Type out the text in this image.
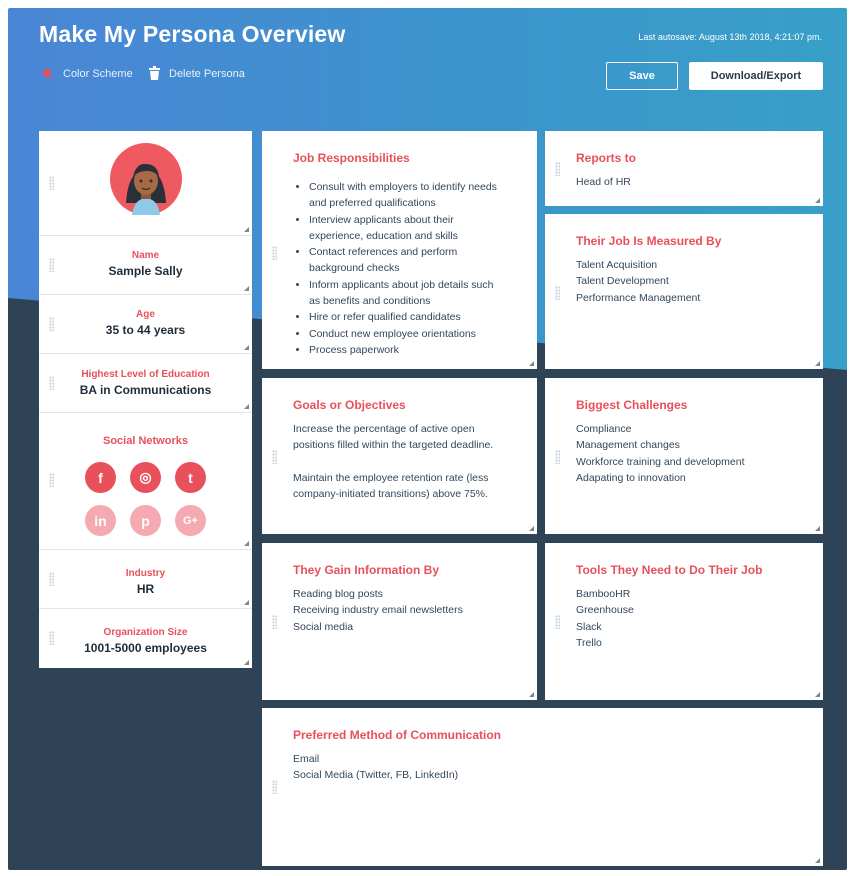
Make My Persona Overview	Last autosave: August 13th 2018, 4:21:07 pm.
Color Scheme	Delete Persona	Save	Download/Export
Name
Sample Sally
Age
35 to 44 years
Highest Level of Education
BA in Communications
Social Networks
f	◎	t
in	p	G+
Industry
HR
Organization Size
1001-5000 employees
Job Responsibilities
• Consult with employers to identify needs
and preferred qualifications
• Interview applicants about their
experience, education and skills
• Contact references and perform
background checks
• Inform applicants about job details such
as benefits and conditions
• Hire or refer qualified candidates
• Conduct new employee orientations
• Process paperwork
Reports to
Head of HR
Their Job Is Measured By
Talent Acquisition
Talent Development
Performance Management
Goals or Objectives
Increase the percentage of active open
positions filled within the targeted deadline.
Maintain the employee retention rate (less
company-initiated transitions) above 75%.
Biggest Challenges
Compliance
Management changes
Workforce training and development
Adapating to innovation
They Gain Information By
Reading blog posts
Receiving industry email newsletters
Social media
Tools They Need to Do Their Job
BambooHR
Greenhouse
Slack
Trello
Preferred Method of Communication
Email
Social Media (Twitter, FB, LinkedIn)
